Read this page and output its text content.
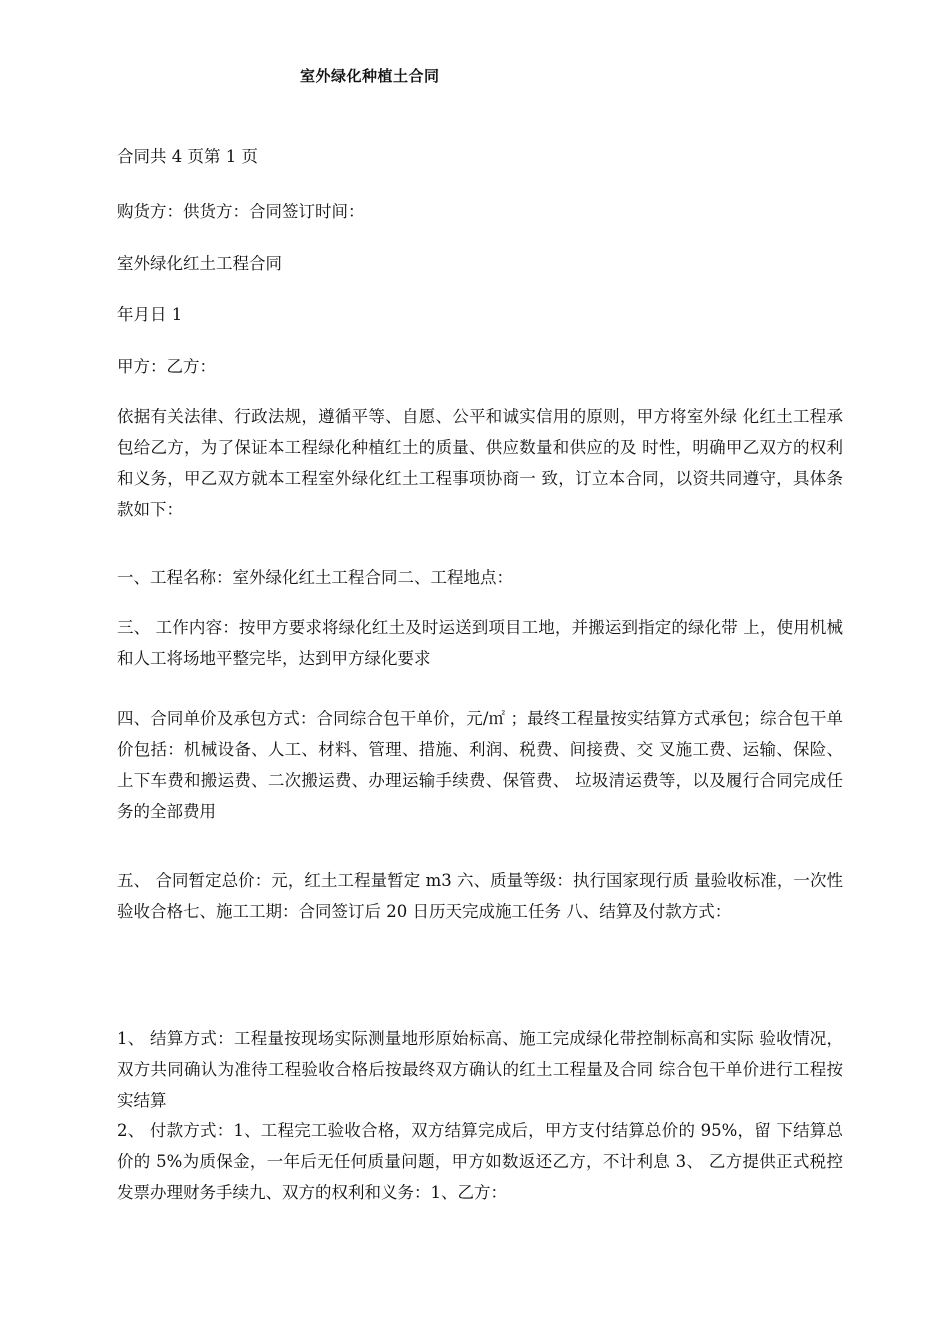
室外绿化种植土合同

合同共 4 页第 1 页

购货方：供货方：合同签订时间：

室外绿化红土工程合同

年月日 1

甲方：乙方：

依据有关法律、行政法规，遵循平等、自愿、公平和诚实信用的原则，甲方将室外绿 化红土工程承包给乙方，为了保证本工程绿化种植红土的质量、供应数量和供应的及 时性，明确甲乙双方的权利和义务，甲乙双方就本工程室外绿化红土工程事项协商一 致，订立本合同，以资共同遵守，具体条款如下：

一、工程名称：室外绿化红土工程合同二、工程地点：

三、 工作内容：按甲方要求将绿化红土及时运送到项目工地，并搬运到指定的绿化带 上，使用机械和人工将场地平整完毕，达到甲方绿化要求

四、合同单价及承包方式：合同综合包干单价，元/㎡ ；最终工程量按实结算方式承包；综合包干单价包括：机械设备、人工、材料、管理、措施、利润、税费、间接费、交 叉施工费、运输、保险、上下车费和搬运费、二次搬运费、办理运输手续费、保管费、 垃圾清运费等，以及履行合同完成任务的全部费用

五、 合同暂定总价：元，红土工程量暂定 m3 六、质量等级：执行国家现行质 量验收标准，一次性验收合格七、施工工期：合同签订后 20 日历天完成施工任务 八、结算及付款方式：

1、 结算方式：工程量按现场实际测量地形原始标高、施工完成绿化带控制标高和实际 验收情况，双方共同确认为准待工程验收合格后按最终双方确认的红土工程量及合同 综合包干单价进行工程按实结算

2、 付款方式：1、工程完工验收合格，双方结算完成后，甲方支付结算总价的 95%，留 下结算总价的 5%为质保金，一年后无任何质量问题，甲方如数返还乙方，不计利息 3、 乙方提供正式税控发票办理财务手续九、双方的权利和义务：1、乙方：
